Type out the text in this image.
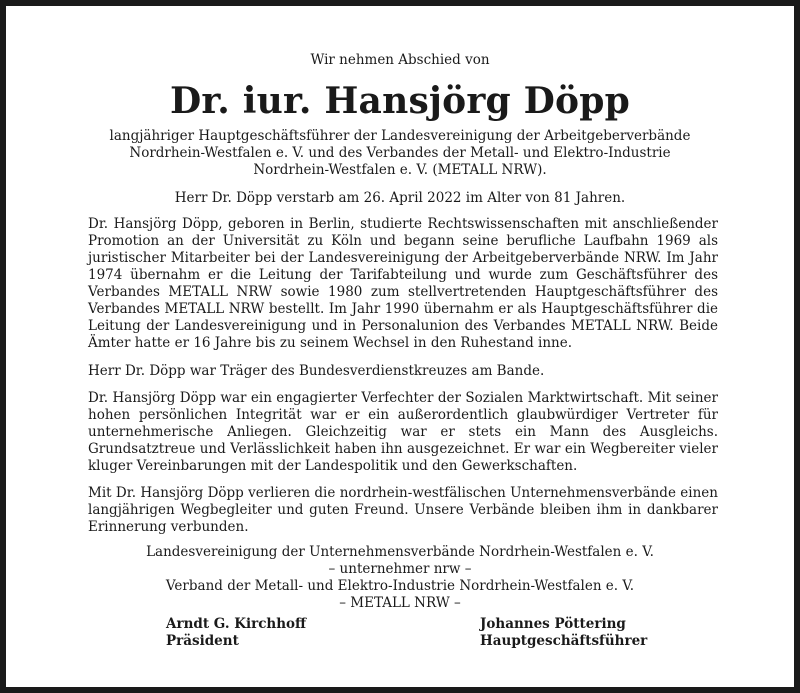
Wir nehmen Abschied von
Dr. iur. Hansjörg Döpp
langjähriger Hauptgeschäftsführer der Landesvereinigung der Arbeitgeberverbände
Nordrhein-Westfalen e. V. und des Verbandes der Metall- und Elektro-Industrie
Nordrhein-Westfalen e. V. (METALL NRW).
Herr Dr. Döpp verstarb am 26. April 2022 im Alter von 81 Jahren.

Dr. Hansjörg Döpp, geboren in Berlin, studierte Rechtswissenschaften mit anschließender Promotion an der Universität zu Köln und begann seine berufliche Laufbahn 1969 als juristischer Mitarbeiter bei der Landesvereinigung der Arbeitgeberverbände NRW. Im Jahr 1974 übernahm er die Leitung der Tarifabteilung und wurde zum Geschäftsführer des Verbandes METALL NRW sowie 1980 zum stellvertretenden Hauptgeschäftsführer des Verbandes METALL NRW bestellt. Im Jahr 1990 übernahm er als Hauptgeschäftsführer die Leitung der Landesvereinigung und in Personalunion des Verbandes METALL NRW. Beide Ämter hatte er 16 Jahre bis zu seinem Wechsel in den Ruhestand inne.

Herr Dr. Döpp war Träger des Bundesverdienstkreuzes am Bande.

Dr. Hansjörg Döpp war ein engagierter Verfechter der Sozialen Marktwirtschaft. Mit seiner hohen persönlichen Integrität war er ein außerordentlich glaubwürdiger Vertreter für unternehmerische Anliegen. Gleichzeitig war er stets ein Mann des Ausgleichs. Grundsatztreue und Verlässlichkeit haben ihn ausgezeichnet. Er war ein Wegbereiter vieler kluger Vereinbarungen mit der Landespolitik und den Gewerkschaften.

Mit Dr. Hansjörg Döpp verlieren die nordrhein-westfälischen Unternehmensverbände einen langjährigen Wegbegleiter und guten Freund. Unsere Verbände bleiben ihm in dankbarer Erinnerung verbunden.

Landesvereinigung der Unternehmensverbände Nordrhein-Westfalen e. V.
– unternehmer nrw –
Verband der Metall- und Elektro-Industrie Nordrhein-Westfalen e. V.
– METALL NRW –
Arndt G. Kirchhoff
Präsident
Johannes Pöttering
Hauptgeschäftsführer
